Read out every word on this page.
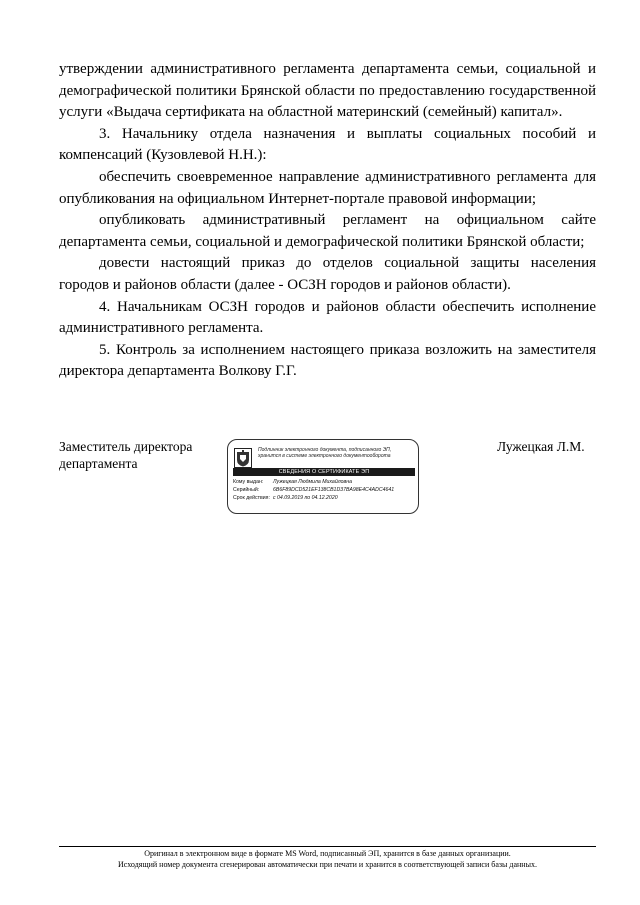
утверждении административного регламента департамента семьи, социальной и демографической политики Брянской области по предоставлению государственной услуги «Выдача сертификата на областной материнский (семейный) капитал».

3. Начальнику отдела назначения и выплаты социальных пособий и компенсаций (Кузовлевой Н.Н.):

обеспечить своевременное направление административного регламента для опубликования на официальном Интернет-портале правовой информации;

опубликовать административный регламент на официальном сайте департамента семьи, социальной и демографической политики Брянской области;

довести настоящий приказ до отделов социальной защиты населения городов и районов области (далее - ОСЗН городов и районов области).

4. Начальникам ОСЗН городов и районов области обеспечить исполнение административного регламента.

5. Контроль за исполнением настоящего приказа возложить на заместителя директора департамента Волкову Г.Г.

Заместитель директора
департамента
Подлинник электронного документа, подписанного ЭП,
хранится в системе электронного документооборота
СВЕДЕНИЯ О СЕРТИФИКАТЕ ЭП
Кому выдан: Лужецкая Людмила Михайловна
Серийный:	6B6F89DCD521EF138CB1D37BA98E4C4ADC4641
Срок действия: с 04.09.2019 по 04.12.2020
Лужецкая Л.М.
Оригинал в электронном виде в формате MS Word, подписанный ЭП, хранится в базе данных организации.
Исходящий номер документа сгенерирован автоматически при печати и хранится в соответствующей записи базы данных.
